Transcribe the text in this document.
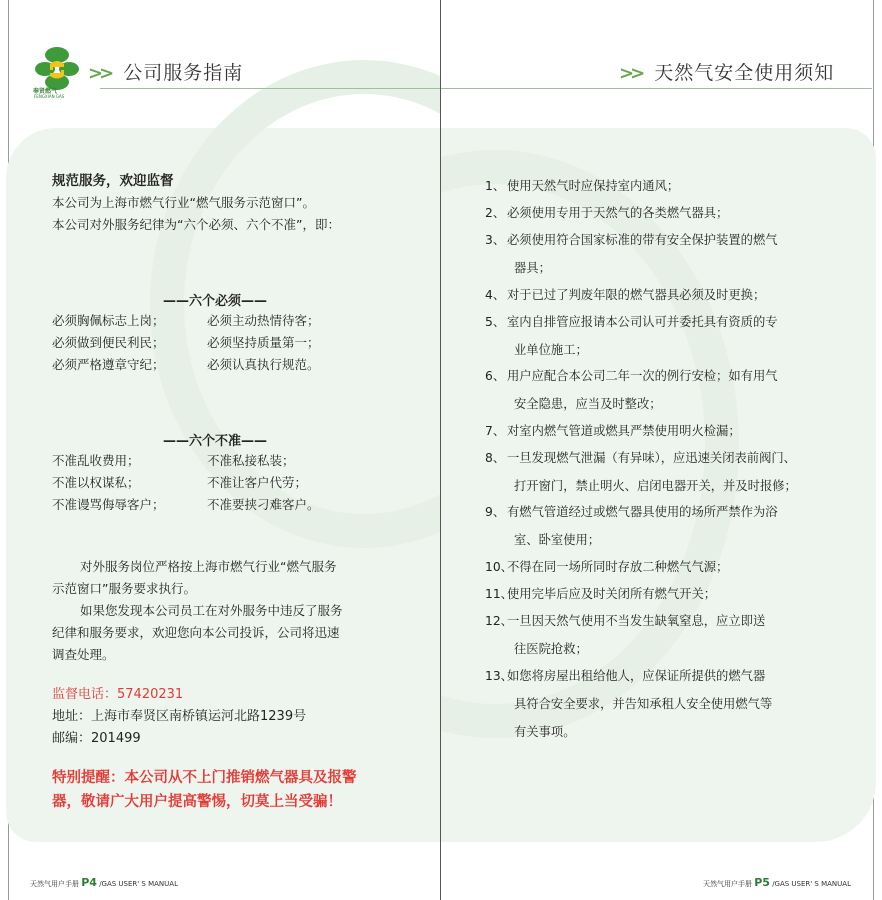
奉贤燃气
FENGXIAN GAS
>> 公司服务指南
规范服务，欢迎监督
本公司为上海市燃气行业“燃气服务示范窗口”。
本公司对外服务纪律为“六个必须、六个不准”，即：
——六个必须——
必须胸佩标志上岗；	必须主动热情待客；
必须做到便民利民；	必须坚持质量第一；
必须严格遵章守纪；	必须认真执行规范。
——六个不准——
不准乱收费用；	不准私接私装；
不准以权谋私；	不准让客户代劳；
不准谩骂侮辱客户；	不准要挟刁难客户。
对外服务岗位严格按上海市燃气行业“燃气服务
示范窗口”服务要求执行。
如果您发现本公司员工在对外服务中违反了服务
纪律和服务要求，欢迎您向本公司投诉，公司将迅速
调查处理。
监督电话：57420231
地址：上海市奉贤区南桥镇运河北路1239号
邮编：201499
特别提醒：本公司从不上门推销燃气器具及报警
器，敬请广大用户提高警惕，切莫上当受骗！
天然气用户手册 P4 /GAS USER' S MANUAL
>> 天然气安全使用须知
1、 使用天然气时应保持室内通风；
2、 必须使用专用于天然气的各类燃气器具；
3、 必须使用符合国家标准的带有安全保护装置的燃气
器具；
4、 对于已过了判废年限的燃气器具必须及时更换；
5、 室内自排管应报请本公司认可并委托具有资质的专
业单位施工；
6、 用户应配合本公司二年一次的例行安检；如有用气
安全隐患，应当及时整改；
7、 对室内燃气管道或燃具严禁使用明火检漏；
8、 一旦发现燃气泄漏（有异味），应迅速关闭表前阀门、
打开窗门，禁止明火、启闭电器开关，并及时报修；
9、 有燃气管道经过或燃气器具使用的场所严禁作为浴
室、卧室使用；
10、不得在同一场所同时存放二种燃气气源；
11、使用完毕后应及时关闭所有燃气开关；
12、一旦因天然气使用不当发生缺氧窒息，应立即送
往医院抢救；
13、如您将房屋出租给他人，应保证所提供的燃气器
具符合安全要求，并告知承租人安全使用燃气等
有关事项。
天然气用户手册 P5 /GAS USER' S MANUAL
